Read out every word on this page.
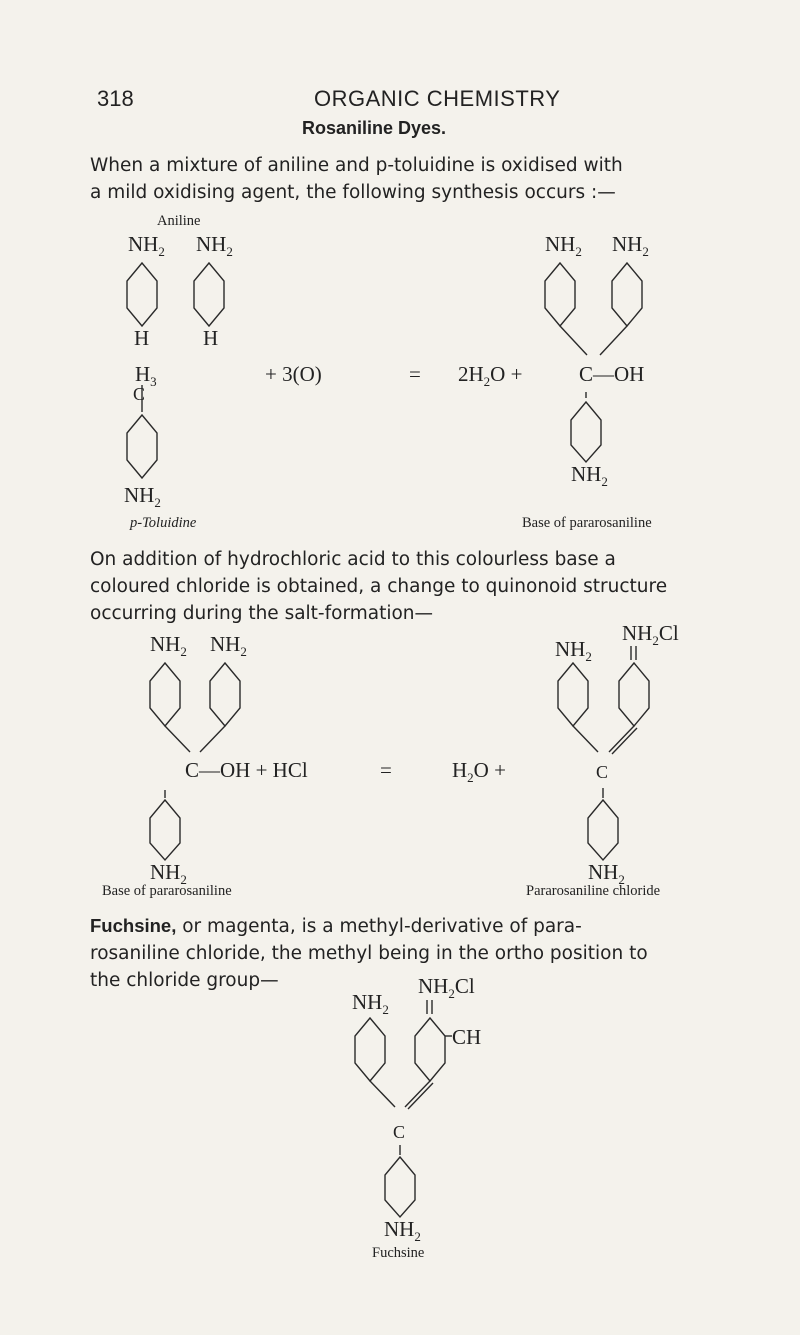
318	ORGANIC CHEMISTRY
Rosaniline Dyes.
When a mixture of aniline and p-toluidine is oxidised with
a mild oxidising agent, the following synthesis occurs :—
Aniline
$NH_2$ $NH_2$
H	H
$H_3$
C
$NH_2$
p-Toluidine
+ 3(O)	= $2H_2O$ +
$NH_2$ $NH_2$
C—OH
$NH_2$
Base of pararosaniline
On addition of hydrochloric acid to this colourless base a
coloured chloride is obtained, a change to quinonoid structure
occurring during the salt-formation—
$NH_2$ $NH_2$
C—OH + HCl	=	$H_2O$ +
$NH_2$
Base of pararosaniline
$NH_2$
$NH_2Cl$
C
$NH_2$
Pararosaniline chloride
Fuchsine, or magenta, is a methyl-derivative of para-
rosaniline chloride, the methyl being in the ortho position to
the chloride group—
$NH_2$
$NH_2Cl$
CH
C
$NH_2$
Fuchsine
